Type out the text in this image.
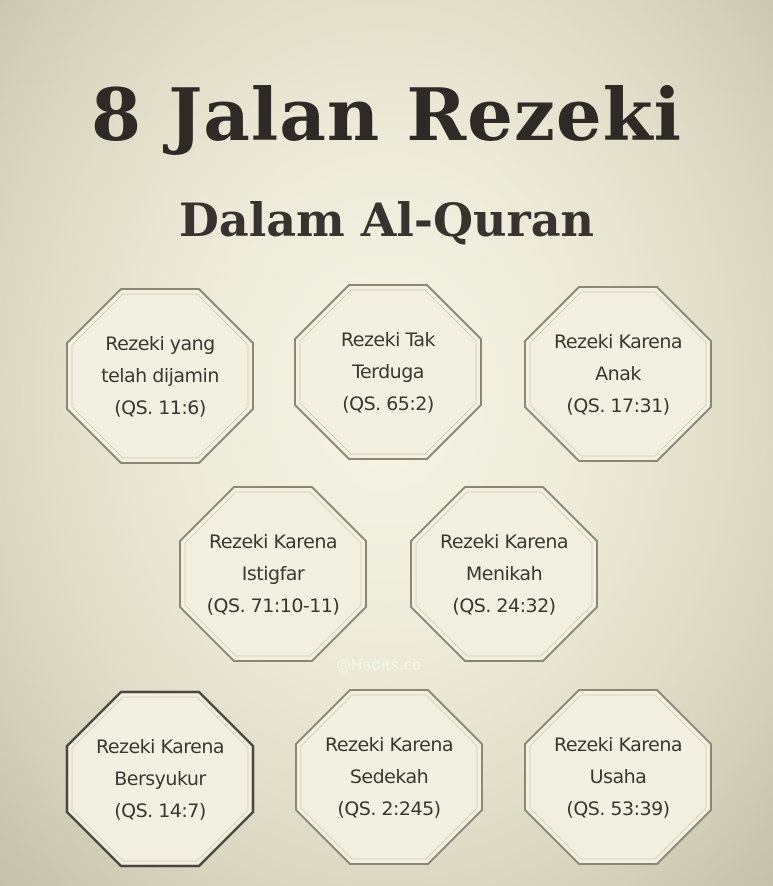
8 Jalan Rezeki
Dalam Al-Quran
Rezeki yang
telah dijamin
(QS. 11:6)
Rezeki Tak
Terduga
(QS. 65:2)
Rezeki Karena
Anak
(QS. 17:31)
Rezeki Karena
Istigfar
(QS. 71:10-11)
Rezeki Karena
Menikah
(QS. 24:32)
@Hadits.co
Rezeki Karena
Bersyukur
(QS. 14:7)
Rezeki Karena
Sedekah
(QS. 2:245)
Rezeki Karena
Usaha
(QS. 53:39)
